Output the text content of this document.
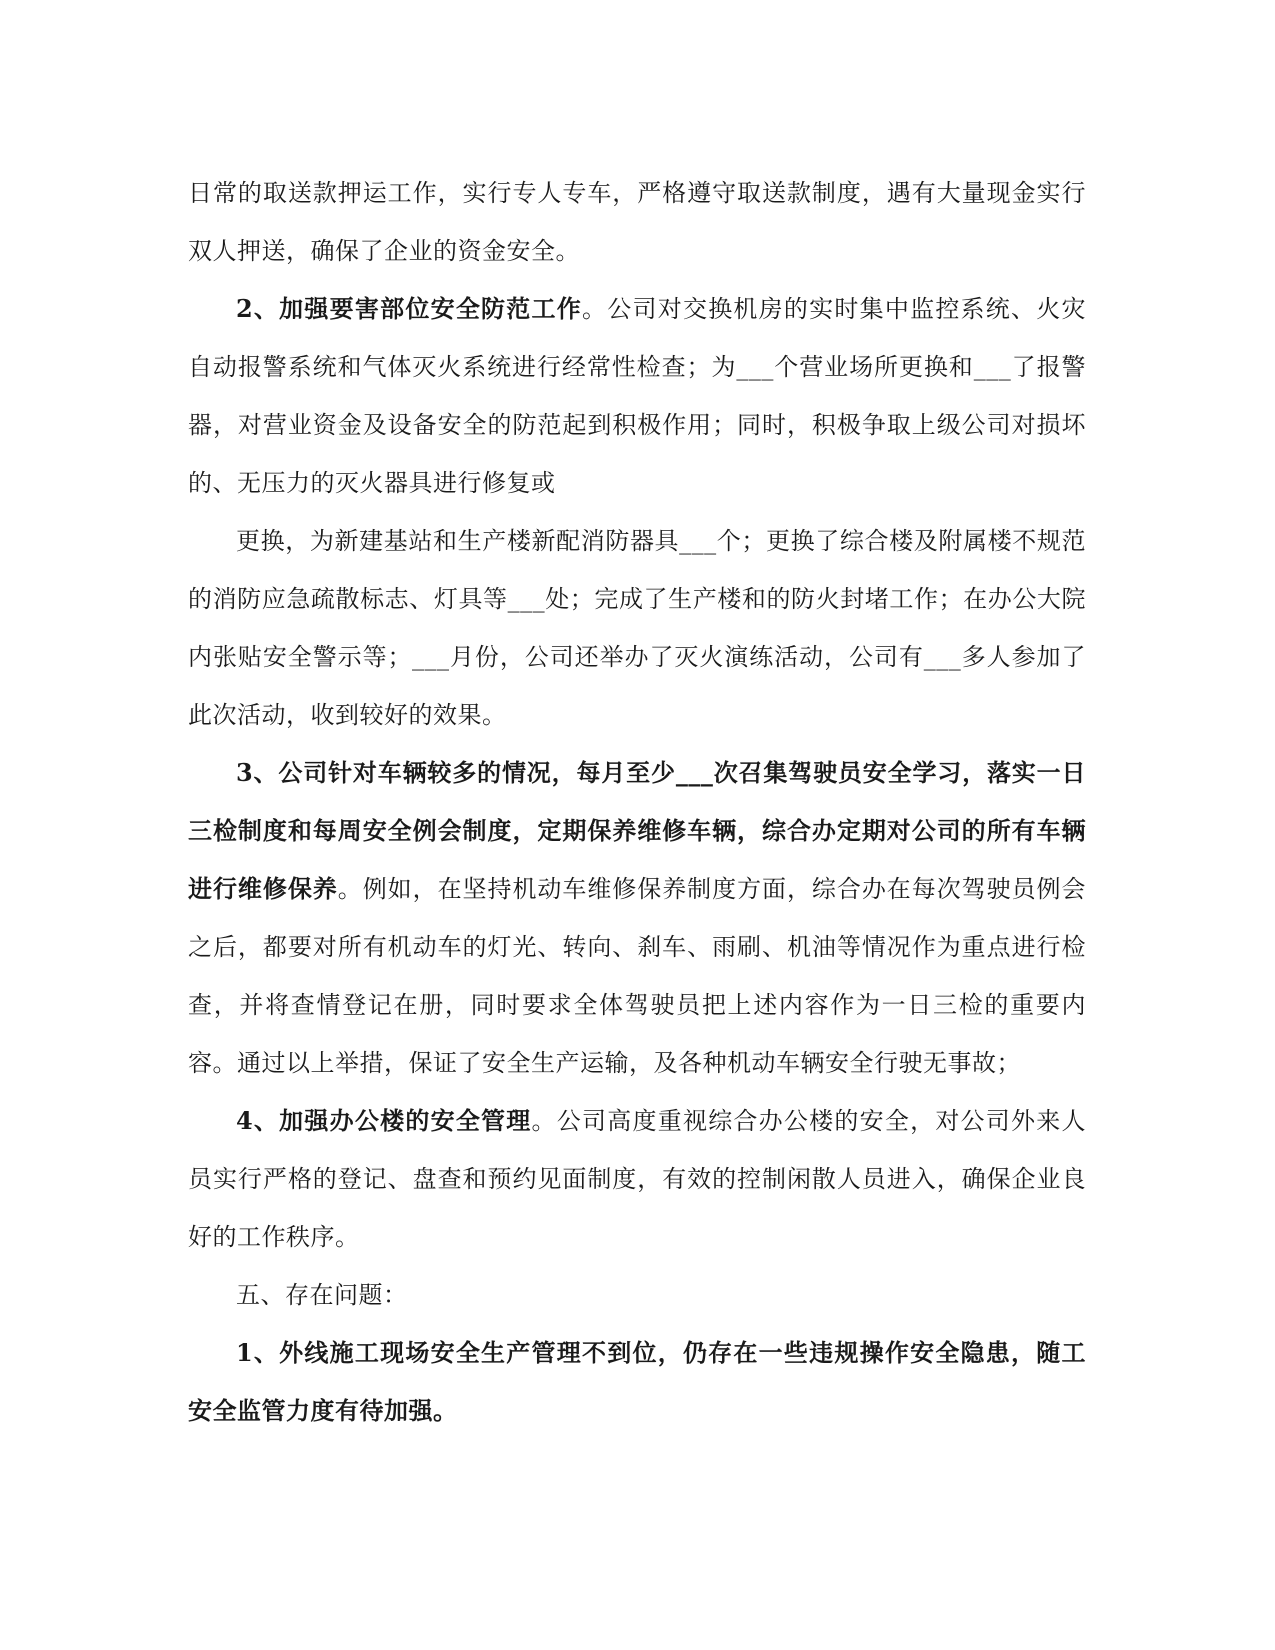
日常的取送款押运工作，实行专人专车，严格遵守取送款制度，遇有大量现金实行双人押送，确保了企业的资金安全。

2、加强要害部位安全防范工作。公司对交换机房的实时集中监控系统、火灾自动报警系统和气体灭火系统进行经常性检查；为___个营业场所更换和___了报警器，对营业资金及设备安全的防范起到积极作用；同时，积极争取上级公司对损坏的、无压力的灭火器具进行修复或

更换，为新建基站和生产楼新配消防器具___个；更换了综合楼及附属楼不规范的消防应急疏散标志、灯具等___处；完成了生产楼和的防火封堵工作；在办公大院内张贴安全警示等；___月份，公司还举办了灭火演练活动，公司有___多人参加了此次活动，收到较好的效果。

3、公司针对车辆较多的情况，每月至少___次召集驾驶员安全学习，落实一日三检制度和每周安全例会制度，定期保养维修车辆，综合办定期对公司的所有车辆进行维修保养。例如，在坚持机动车维修保养制度方面，综合办在每次驾驶员例会之后，都要对所有机动车的灯光、转向、刹车、雨刷、机油等情况作为重点进行检查，并将查情登记在册，同时要求全体驾驶员把上述内容作为一日三检的重要内容。通过以上举措，保证了安全生产运输，及各种机动车辆安全行驶无事故；

4、加强办公楼的安全管理。公司高度重视综合办公楼的安全，对公司外来人员实行严格的登记、盘查和预约见面制度，有效的控制闲散人员进入，确保企业良好的工作秩序。

五、存在问题：

1、外线施工现场安全生产管理不到位，仍存在一些违规操作安全隐患，随工安全监管力度有待加强。
